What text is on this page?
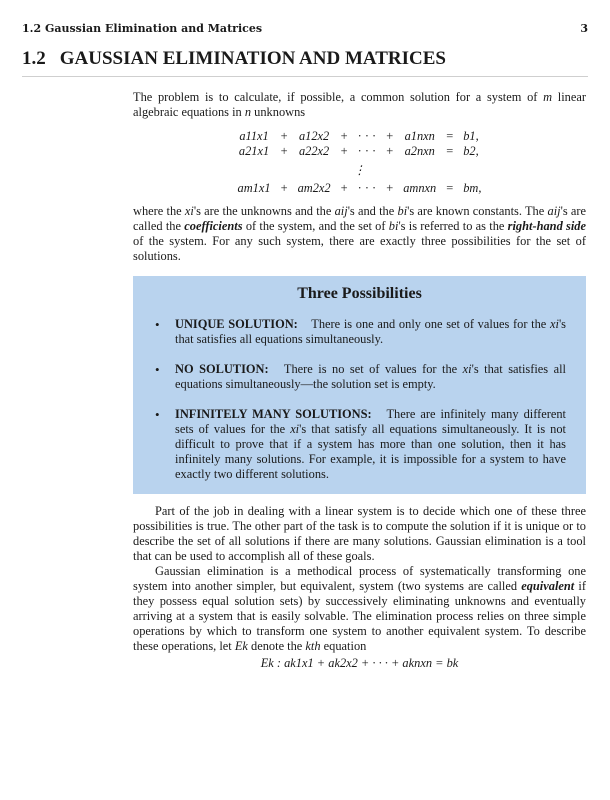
1.2 Gaussian Elimination and Matrices	3
1.2 GAUSSIAN ELIMINATION AND MATRICES

The problem is to calculate, if possible, a common solution for a system of m linear algebraic equations in n unknowns

a11x1	+	a12x2	+	· · ·	+	a1nxn	=	b1,
a21x1	+	a22x2	+	· · ·	+	a2nxn	=	b2,
⋮								
am1x1	+	am2x2	+	· · ·	+	amnxn	=	bm,

where the xi's are the unknowns and the aij's and the bi's are known constants. The aij's are called the coefficients of the system, and the set of bi's is referred to as the right-hand side of the system. For any such system, there are exactly three possibilities for the set of solutions.

Three Possibilities
• UNIQUE SOLUTION: There is one and only one set of values for the xi's that satisfies all equations simultaneously.
• NO SOLUTION: There is no set of values for the xi's that satisfies all equations simultaneously—the solution set is empty.
• INFINITELY MANY SOLUTIONS: There are infinitely many different sets of values for the xi's that satisfy all equations simultaneously. It is not difficult to prove that if a system has more than one solution, then it has infinitely many solutions. For example, it is impossible for a system to have exactly two different solutions.

Part of the job in dealing with a linear system is to decide which one of these three possibilities is true. The other part of the task is to compute the solution if it is unique or to describe the set of all solutions if there are many solutions. Gaussian elimination is a tool that can be used to accomplish all of these goals.

Gaussian elimination is a methodical process of systematically transforming one system into another simpler, but equivalent, system (two systems are called equivalent if they possess equal solution sets) by successively eliminating unknowns and eventually arriving at a system that is easily solvable. The elimination process relies on three simple operations by which to transform one system to another equivalent system. To describe these operations, let Ek denote the kth equation

Ek : ak1x1 + ak2x2 + · · · + aknxn = bk
